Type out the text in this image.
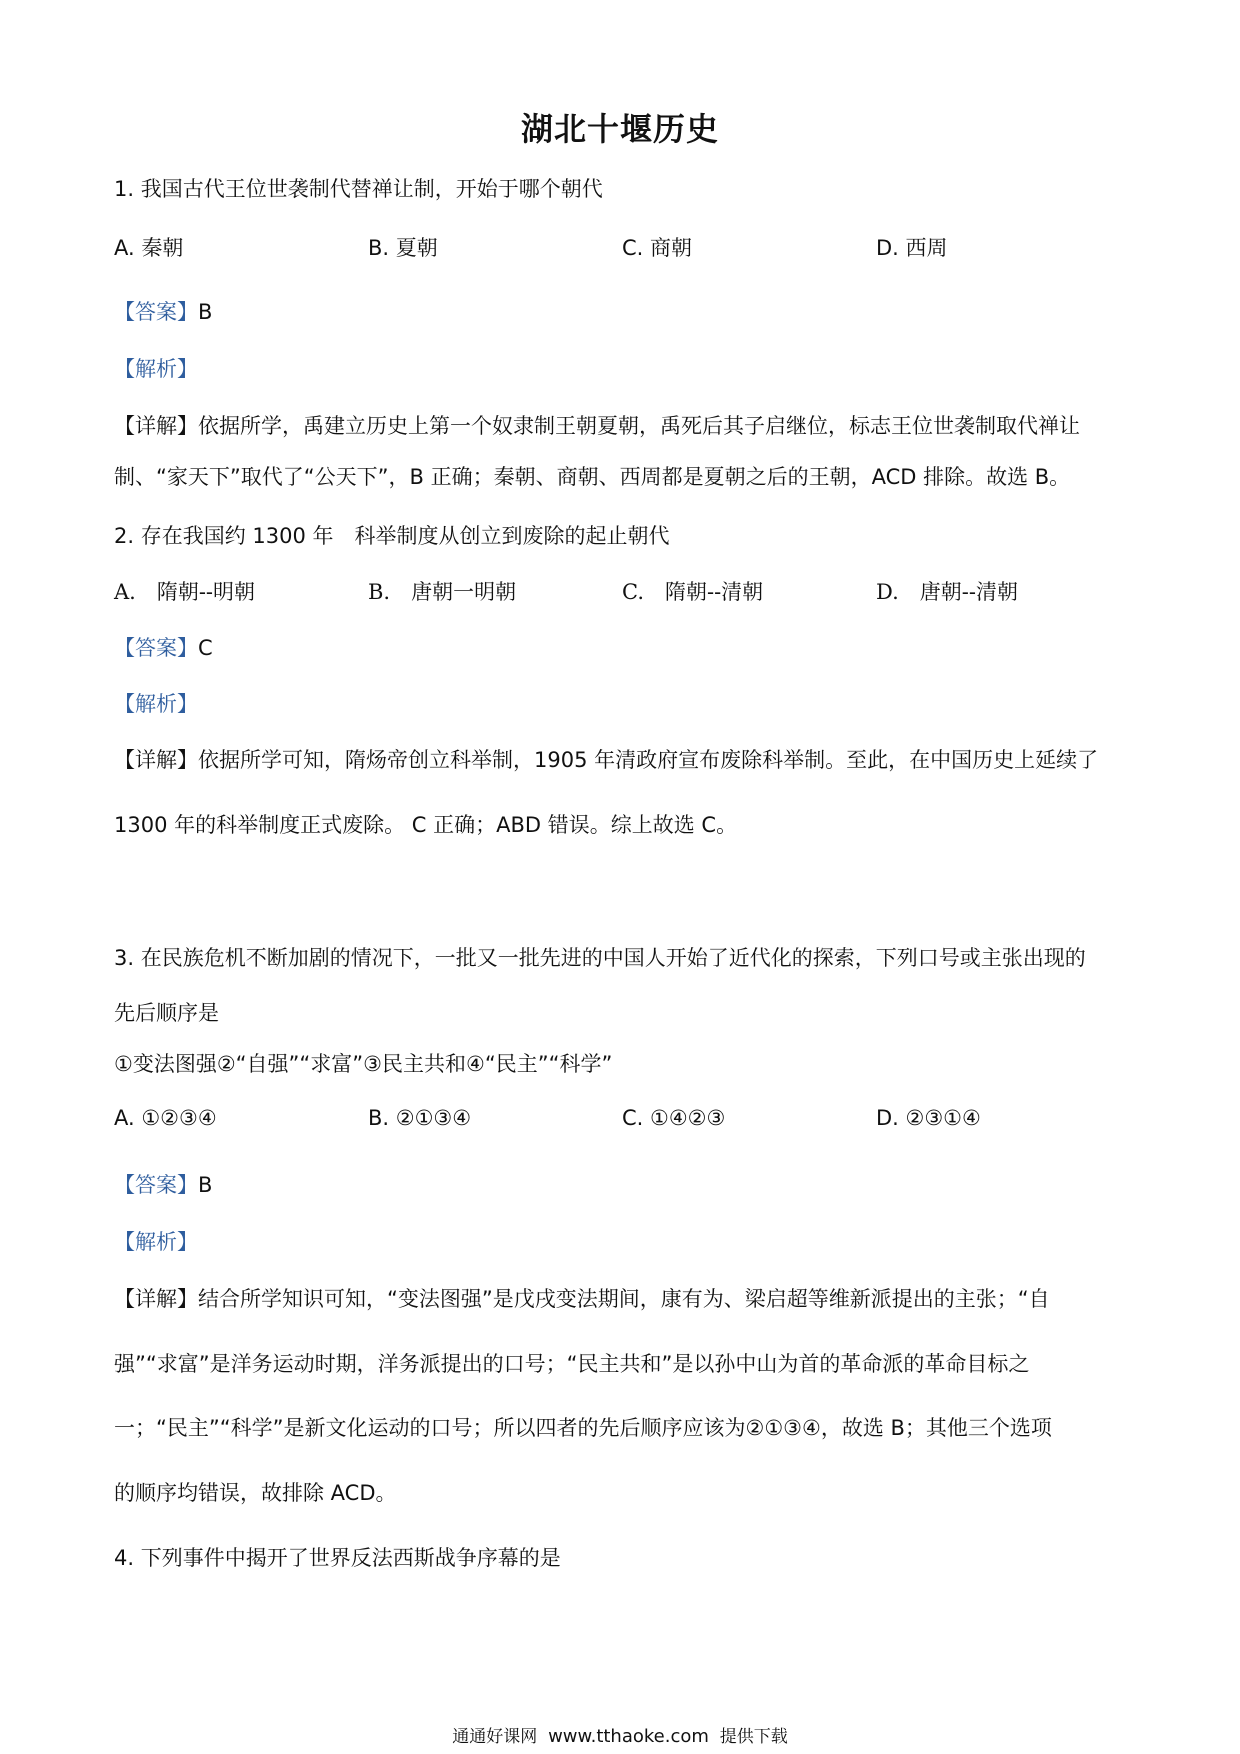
湖北十堰历史
1. 我国古代王位世袭制代替禅让制，开始于哪个朝代
A. 秦朝	B. 夏朝	C. 商朝	D. 西周
【答案】B
【解析】
【详解】依据所学，禹建立历史上第一个奴隶制王朝夏朝，禹死后其子启继位，标志王位世袭制取代禅让
制、“家天下”取代了“公天下”，B 正确；秦朝、商朝、西周都是夏朝之后的王朝，ACD 排除。故选 B。
2. 存在我国约 1300 年　科举制度从创立到废除的起止朝代
A.　隋朝--明朝	B.　唐朝一明朝	C.　隋朝--清朝	D.　唐朝--清朝
【答案】C
【解析】
【详解】依据所学可知，隋炀帝创立科举制，1905 年清政府宣布废除科举制。至此，在中国历史上延续了
1300 年的科举制度正式废除。 C 正确；ABD 错误。综上故选 C。
3. 在民族危机不断加剧的情况下，一批又一批先进的中国人开始了近代化的探索，下列口号或主张出现的
先后顺序是
①变法图强②“自强”“求富”③民主共和④“民主”“科学”
A. ①②③④	B. ②①③④	C. ①④②③	D. ②③①④
【答案】B
【解析】
【详解】结合所学知识可知，“变法图强”是戊戌变法期间，康有为、梁启超等维新派提出的主张；“自
强”“求富”是洋务运动时期，洋务派提出的口号；“民主共和”是以孙中山为首的革命派的革命目标之
一；“民主”“科学”是新文化运动的口号；所以四者的先后顺序应该为②①③④，故选 B；其他三个选项
的顺序均错误，故排除 ACD。
4. 下列事件中揭开了世界反法西斯战争序幕的是
通通好课网 www.tthaoke.com 提供下载
